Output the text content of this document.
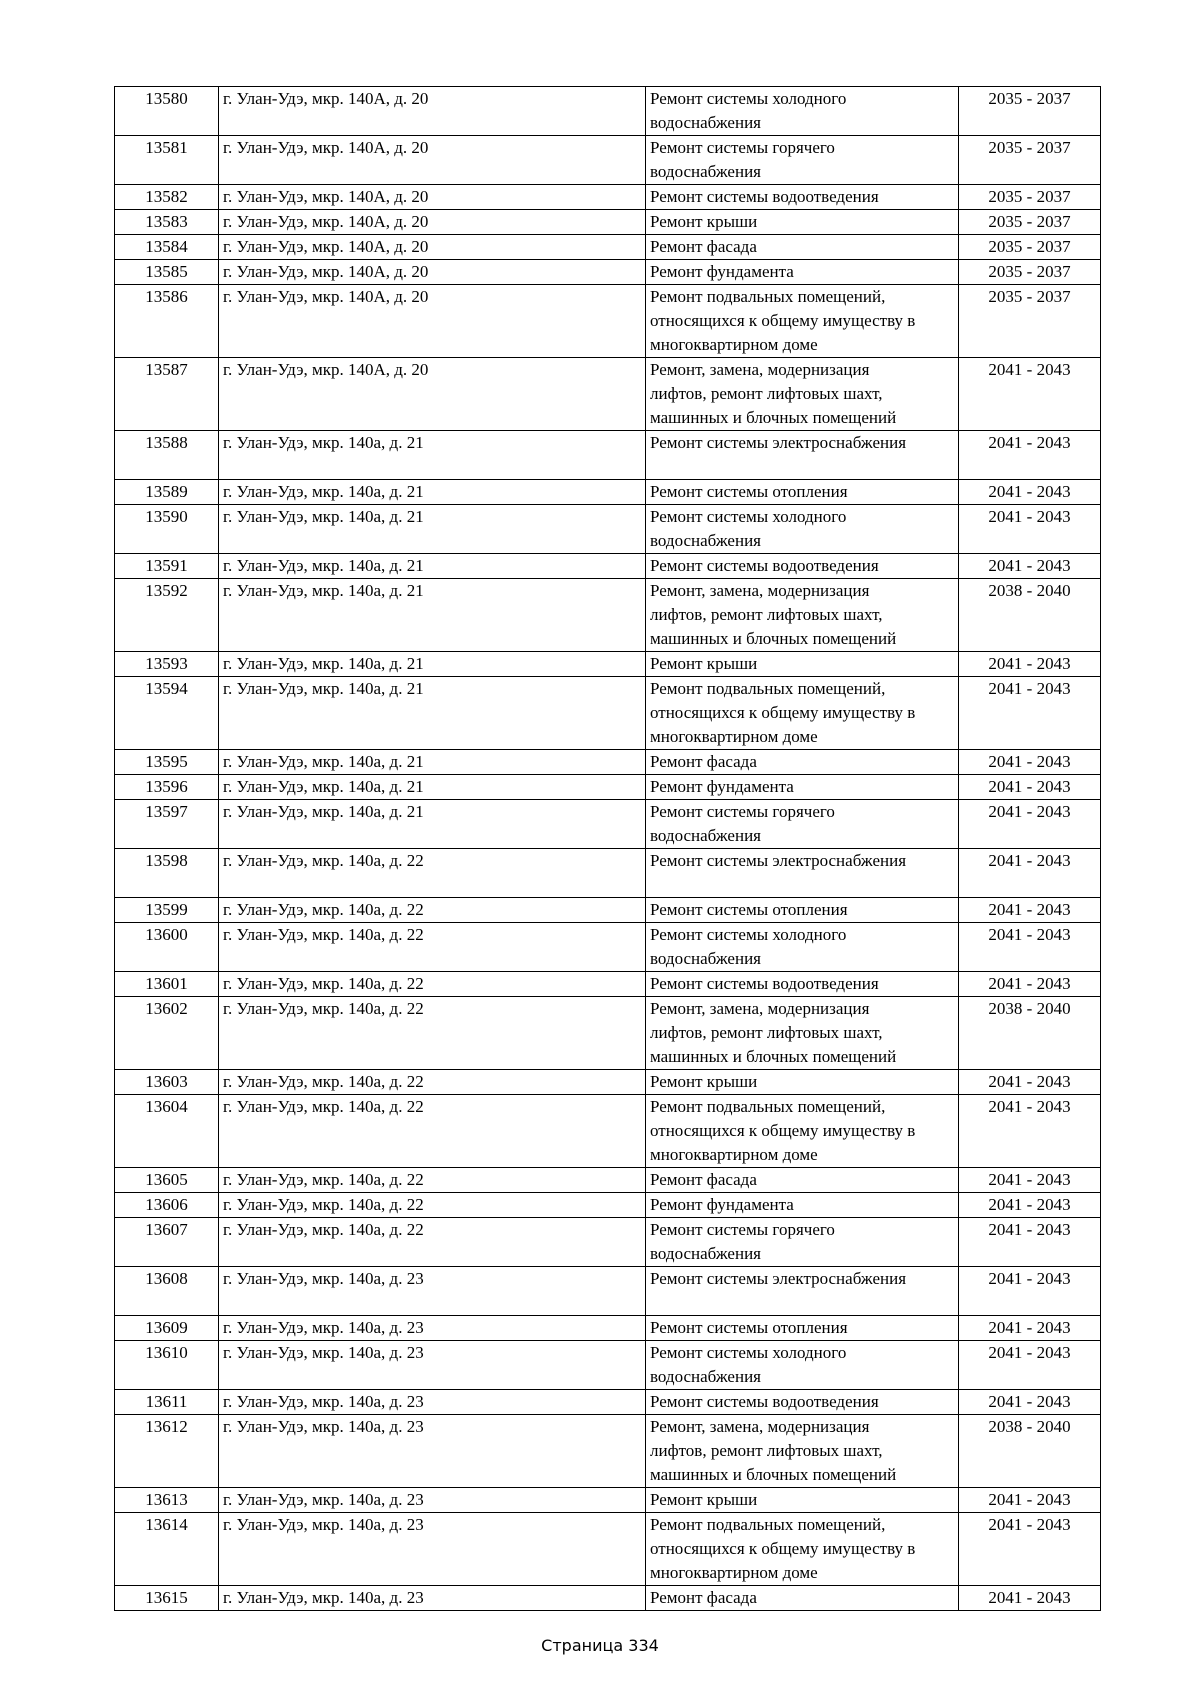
13580	г. Улан-Удэ, мкр. 140А, д. 20	Ремонт системы холодного
водоснабжения	2035 - 2037
13581	г. Улан-Удэ, мкр. 140А, д. 20	Ремонт системы горячего
водоснабжения	2035 - 2037
13582	г. Улан-Удэ, мкр. 140А, д. 20	Ремонт системы водоотведения	2035 - 2037
13583	г. Улан-Удэ, мкр. 140А, д. 20	Ремонт крыши	2035 - 2037
13584	г. Улан-Удэ, мкр. 140А, д. 20	Ремонт фасада	2035 - 2037
13585	г. Улан-Удэ, мкр. 140А, д. 20	Ремонт фундамента	2035 - 2037
13586	г. Улан-Удэ, мкр. 140А, д. 20	Ремонт подвальных помещений,
относящихся к общему имуществу в
многоквартирном доме	2035 - 2037
13587	г. Улан-Удэ, мкр. 140А, д. 20	Ремонт, замена, модернизация
лифтов, ремонт лифтовых шахт,
машинных и блочных помещений	2041 - 2043
13588	г. Улан-Удэ, мкр. 140а, д. 21	Ремонт системы электроснабжения	2041 - 2043
13589	г. Улан-Удэ, мкр. 140а, д. 21	Ремонт системы отопления	2041 - 2043
13590	г. Улан-Удэ, мкр. 140а, д. 21	Ремонт системы холодного
водоснабжения	2041 - 2043
13591	г. Улан-Удэ, мкр. 140а, д. 21	Ремонт системы водоотведения	2041 - 2043
13592	г. Улан-Удэ, мкр. 140а, д. 21	Ремонт, замена, модернизация
лифтов, ремонт лифтовых шахт,
машинных и блочных помещений	2038 - 2040
13593	г. Улан-Удэ, мкр. 140а, д. 21	Ремонт крыши	2041 - 2043
13594	г. Улан-Удэ, мкр. 140а, д. 21	Ремонт подвальных помещений,
относящихся к общему имуществу в
многоквартирном доме	2041 - 2043
13595	г. Улан-Удэ, мкр. 140а, д. 21	Ремонт фасада	2041 - 2043
13596	г. Улан-Удэ, мкр. 140а, д. 21	Ремонт фундамента	2041 - 2043
13597	г. Улан-Удэ, мкр. 140а, д. 21	Ремонт системы горячего
водоснабжения	2041 - 2043
13598	г. Улан-Удэ, мкр. 140а, д. 22	Ремонт системы электроснабжения	2041 - 2043
13599	г. Улан-Удэ, мкр. 140а, д. 22	Ремонт системы отопления	2041 - 2043
13600	г. Улан-Удэ, мкр. 140а, д. 22	Ремонт системы холодного
водоснабжения	2041 - 2043
13601	г. Улан-Удэ, мкр. 140а, д. 22	Ремонт системы водоотведения	2041 - 2043
13602	г. Улан-Удэ, мкр. 140а, д. 22	Ремонт, замена, модернизация
лифтов, ремонт лифтовых шахт,
машинных и блочных помещений	2038 - 2040
13603	г. Улан-Удэ, мкр. 140а, д. 22	Ремонт крыши	2041 - 2043
13604	г. Улан-Удэ, мкр. 140а, д. 22	Ремонт подвальных помещений,
относящихся к общему имуществу в
многоквартирном доме	2041 - 2043
13605	г. Улан-Удэ, мкр. 140а, д. 22	Ремонт фасада	2041 - 2043
13606	г. Улан-Удэ, мкр. 140а, д. 22	Ремонт фундамента	2041 - 2043
13607	г. Улан-Удэ, мкр. 140а, д. 22	Ремонт системы горячего
водоснабжения	2041 - 2043
13608	г. Улан-Удэ, мкр. 140а, д. 23	Ремонт системы электроснабжения	2041 - 2043
13609	г. Улан-Удэ, мкр. 140а, д. 23	Ремонт системы отопления	2041 - 2043
13610	г. Улан-Удэ, мкр. 140а, д. 23	Ремонт системы холодного
водоснабжения	2041 - 2043
13611	г. Улан-Удэ, мкр. 140а, д. 23	Ремонт системы водоотведения	2041 - 2043
13612	г. Улан-Удэ, мкр. 140а, д. 23	Ремонт, замена, модернизация
лифтов, ремонт лифтовых шахт,
машинных и блочных помещений	2038 - 2040
13613	г. Улан-Удэ, мкр. 140а, д. 23	Ремонт крыши	2041 - 2043
13614	г. Улан-Удэ, мкр. 140а, д. 23	Ремонт подвальных помещений,
относящихся к общему имуществу в
многоквартирном доме	2041 - 2043
13615	г. Улан-Удэ, мкр. 140а, д. 23	Ремонт фасада	2041 - 2043
Страница 334
